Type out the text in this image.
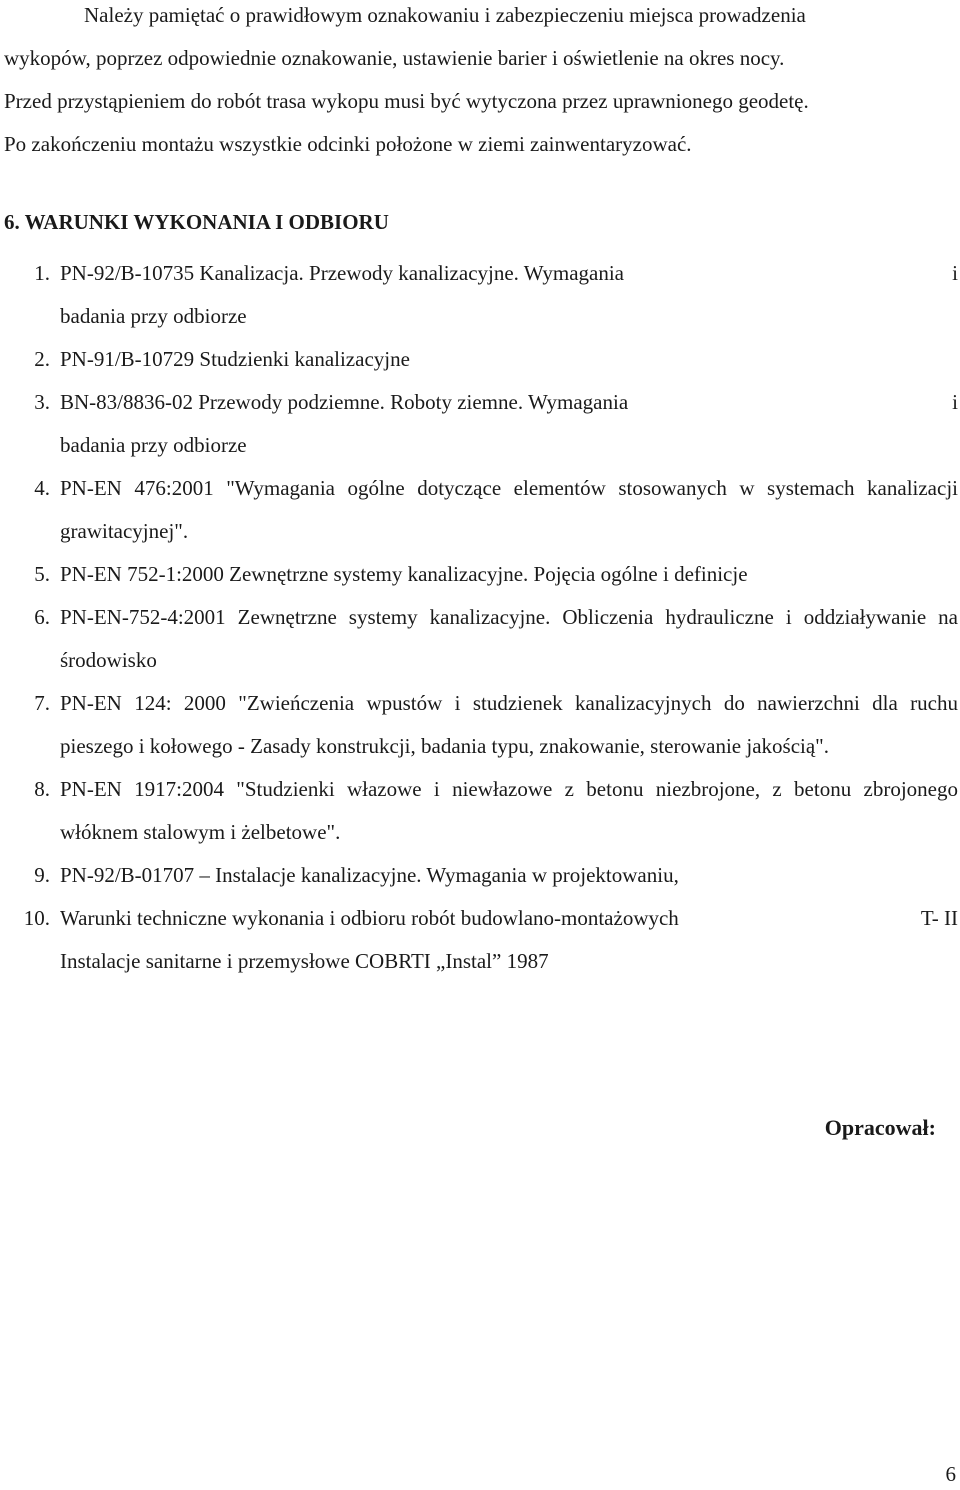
Należy pamiętać o prawidłowym oznakowaniu i zabezpieczeniu miejsca prowadzenia
wykopów, poprzez odpowiednie oznakowanie, ustawienie barier i oświetlenie na okres nocy.
Przed przystąpieniem do robót trasa wykopu musi być wytyczona przez uprawnionego geodetę.
Po zakończeniu montażu wszystkie odcinki położone w ziemi zainwentaryzować.

6. WARUNKI WYKONANIA I ODBIORU
1. PN-92/B-10735 Kanalizacja. Przewody kanalizacyjne. Wymagania	i
badania przy odbiorze
2. PN-91/B-10729 Studzienki kanalizacyjne
3. BN-83/8836-02 Przewody podziemne. Roboty ziemne. Wymagania	i
badania przy odbiorze
4. PN-EN 476:2001 "Wymagania ogólne dotyczące elementów stosowanych w systemach kanalizacji grawitacyjnej".
5. PN-EN 752-1:2000 Zewnętrzne systemy kanalizacyjne. Pojęcia ogólne i definicje
6. PN-EN-752-4:2001 Zewnętrzne systemy kanalizacyjne. Obliczenia hydrauliczne i oddziaływanie na środowisko
7. PN-EN 124: 2000 "Zwieńczenia wpustów i studzienek kanalizacyjnych do nawierzchni dla ruchu pieszego i kołowego - Zasady konstrukcji, badania typu, znakowanie, sterowanie jakością".
8. PN-EN 1917:2004 "Studzienki włazowe i niewłazowe z betonu niezbrojone, z betonu zbrojonego włóknem stalowym i żelbetowe".
9. PN-92/B-01707 – Instalacje kanalizacyjne. Wymagania w projektowaniu,
10. Warunki techniczne wykonania i odbioru robót budowlano-montażowych	T- II
Instalacje sanitarne i przemysłowe COBRTI „Instal” 1987

Opracował:

6
